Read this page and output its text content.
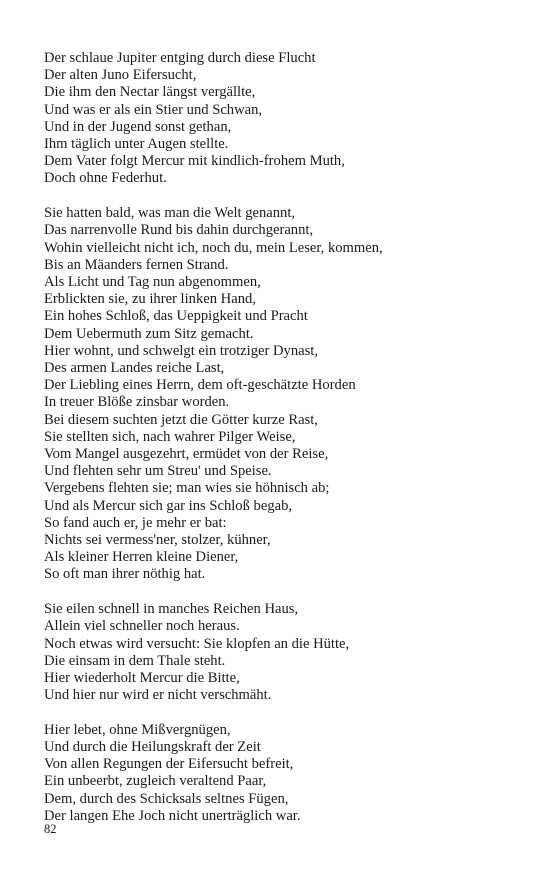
Der schlaue Jupiter entging durch diese Flucht
Der alten Juno Eifersucht,
Die ihm den Nectar längst vergällte,
Und was er als ein Stier und Schwan,
Und in der Jugend sonst gethan,
Ihm täglich unter Augen stellte.
Dem Vater folgt Mercur mit kindlich-frohem Muth,
Doch ohne Federhut.
Sie hatten bald, was man die Welt genannt,
Das narrenvolle Rund bis dahin durchgerannt,
Wohin vielleicht nicht ich, noch du, mein Leser, kommen,
Bis an Mäanders fernen Strand.
Als Licht und Tag nun abgenommen,
Erblickten sie, zu ihrer linken Hand,
Ein hohes Schloß, das Ueppigkeit und Pracht
Dem Uebermuth zum Sitz gemacht.
Hier wohnt, und schwelgt ein trotziger Dynast,
Des armen Landes reiche Last,
Der Liebling eines Herrn, dem oft-geschätzte Horden
In treuer Blöße zinsbar worden.
Bei diesem suchten jetzt die Götter kurze Rast,
Sie stellten sich, nach wahrer Pilger Weise,
Vom Mangel ausgezehrt, ermüdet von der Reise,
Und flehten sehr um Streu' und Speise.
Vergebens flehten sie; man wies sie höhnisch ab;
Und als Mercur sich gar ins Schloß begab,
So fand auch er, je mehr er bat:
Nichts sei vermess'ner, stolzer, kühner,
Als kleiner Herren kleine Diener,
So oft man ihrer nöthig hat.
Sie eilen schnell in manches Reichen Haus,
Allein viel schneller noch heraus.
Noch etwas wird versucht: Sie klopfen an die Hütte,
Die einsam in dem Thale steht.
Hier wiederholt Mercur die Bitte,
Und hier nur wird er nicht verschmäht.
Hier lebet, ohne Mißvergnügen,
Und durch die Heilungskraft der Zeit
Von allen Regungen der Eifersucht befreit,
Ein unbeerbt, zugleich veraltend Paar,
Dem, durch des Schicksals seltnes Fügen,
Der langen Ehe Joch nicht unerträglich war.
82
